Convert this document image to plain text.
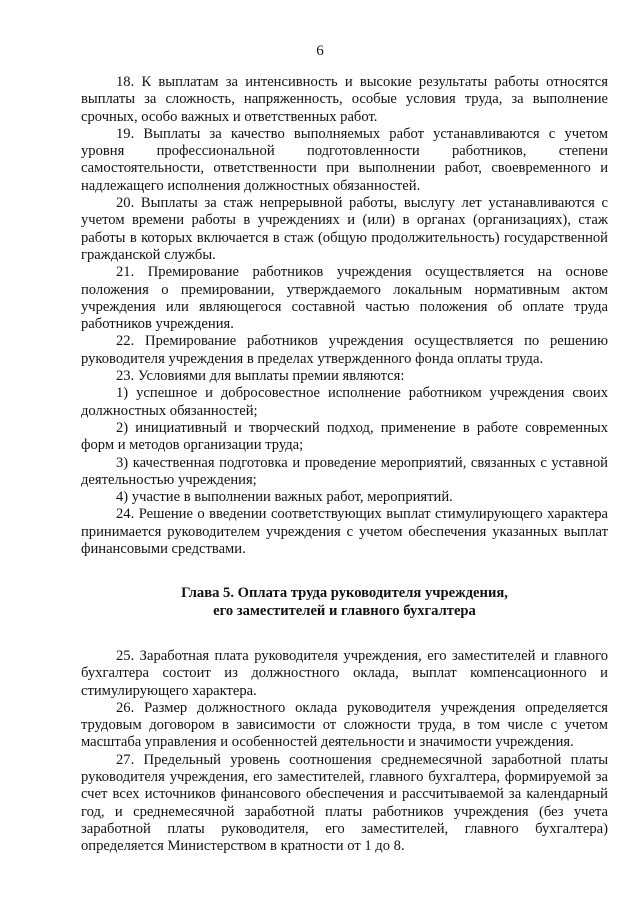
6

18. К выплатам за интенсивность и высокие результаты работы относятся выплаты за сложность, напряженность, особые условия труда, за выполнение срочных, особо важных и ответственных работ.

19. Выплаты за качество выполняемых работ устанавливаются с учетом уровня профессиональной подготовленности работников, степени самостоятельности, ответственности при выполнении работ, своевременного и надлежащего исполнения должностных обязанностей.

20. Выплаты за стаж непрерывной работы, выслугу лет устанавливаются с учетом времени работы в учреждениях и (или) в органах (организациях), стаж работы в которых включается в стаж (общую продолжительность) государственной гражданской службы.

21. Премирование работников учреждения осуществляется на основе положения о премировании, утверждаемого локальным нормативным актом учреждения или являющегося составной частью положения об оплате труда работников учреждения.

22. Премирование работников учреждения осуществляется по решению руководителя учреждения в пределах утвержденного фонда оплаты труда.

23. Условиями для выплаты премии являются:

1) успешное и добросовестное исполнение работником учреждения своих должностных обязанностей;

2) инициативный и творческий подход, применение в работе современных форм и методов организации труда;

3) качественная подготовка и проведение мероприятий, связанных с уставной деятельностью учреждения;

4) участие в выполнении важных работ, мероприятий.

24. Решение о введении соответствующих выплат стимулирующего характера принимается руководителем учреждения с учетом обеспечения указанных выплат финансовыми средствами.

Глава 5. Оплата труда руководителя учреждения,
его заместителей и главного бухгалтера

25. Заработная плата руководителя учреждения, его заместителей и главного бухгалтера состоит из должностного оклада, выплат компенсационного и стимулирующего характера.

26. Размер должностного оклада руководителя учреждения определяется трудовым договором в зависимости от сложности труда, в том числе с учетом масштаба управления и особенностей деятельности и значимости учреждения.

27. Предельный уровень соотношения среднемесячной заработной платы руководителя учреждения, его заместителей, главного бухгалтера, формируемой за счет всех источников финансового обеспечения и рассчитываемой за календарный год, и среднемесячной заработной платы работников учреждения (без учета заработной платы руководителя, его заместителей, главного бухгалтера) определяется Министерством в кратности от 1 до 8.
